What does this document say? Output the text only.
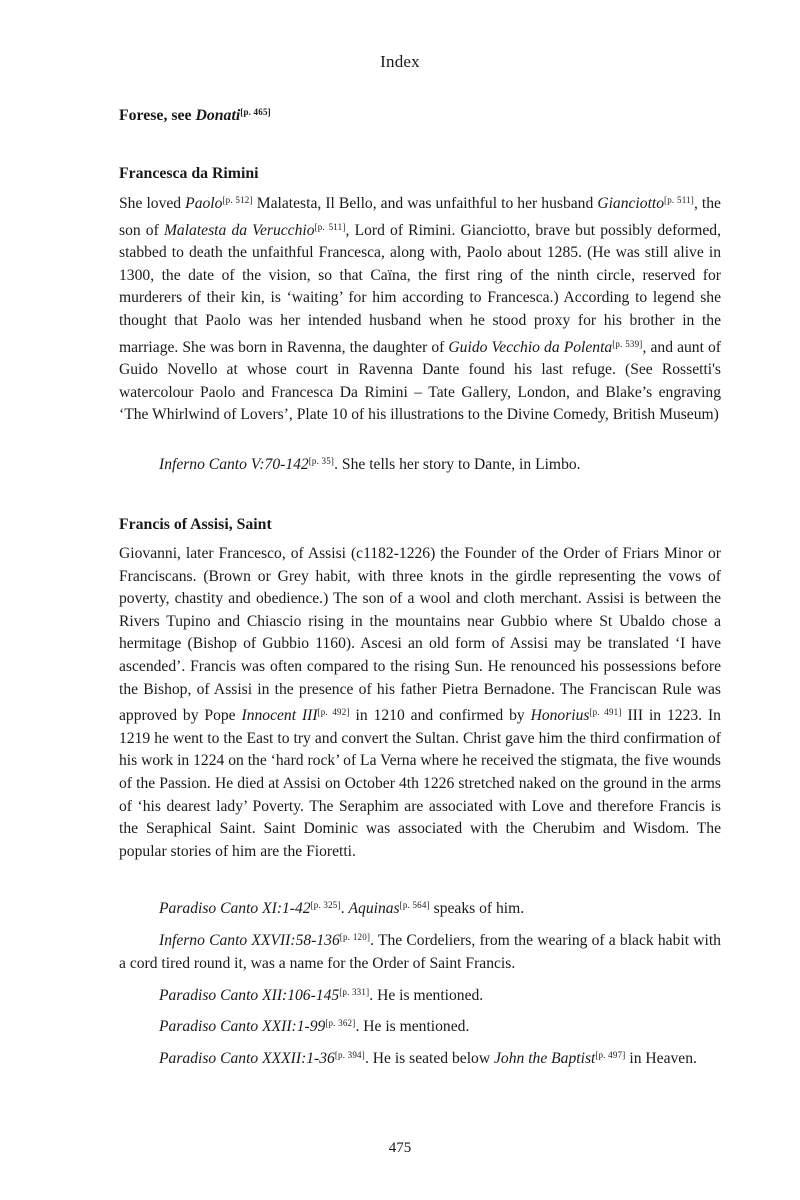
Index
Forese, see Donati[p. 465]
Francesca da Rimini

She loved Paolo[p. 512] Malatesta, Il Bello, and was unfaithful to her husband Gianciotto[p. 511], the son of Malatesta da Verucchio[p. 511], Lord of Rimini. Gianciotto, brave but possibly deformed, stabbed to death the unfaithful Francesca, along with, Paolo about 1285. (He was still alive in 1300, the date of the vision, so that Caïna, the first ring of the ninth circle, reserved for murderers of their kin, is ‘waiting’ for him according to Francesca.) According to legend she thought that Paolo was her intended husband when he stood proxy for his brother in the marriage. She was born in Ravenna, the daughter of Guido Vecchio da Polenta[p. 539], and aunt of Guido Novello at whose court in Ravenna Dante found his last refuge. (See Rossetti's watercolour Paolo and Francesca Da Rimini – Tate Gallery, London, and Blake’s engraving ‘The Whirlwind of Lovers’, Plate 10 of his illustrations to the Divine Comedy, British Museum)

Inferno Canto V:70-142[p. 35]. She tells her story to Dante, in Limbo.

Francis of Assisi, Saint

Giovanni, later Francesco, of Assisi (c1182-1226) the Founder of the Order of Friars Minor or Franciscans. (Brown or Grey habit, with three knots in the girdle representing the vows of poverty, chastity and obedience.) The son of a wool and cloth merchant. Assisi is between the Rivers Tupino and Chiascio rising in the mountains near Gubbio where St Ubaldo chose a hermitage (Bishop of Gubbio 1160). Ascesi an old form of Assisi may be translated ‘I have ascended’. Francis was often compared to the rising Sun. He renounced his possessions before the Bishop, of Assisi in the presence of his father Pietra Bernadone. The Franciscan Rule was approved by Pope Innocent III[p. 492] in 1210 and confirmed by Honorius[p. 491] III in 1223. In 1219 he went to the East to try and convert the Sultan. Christ gave him the third confirmation of his work in 1224 on the ‘hard rock’ of La Verna where he received the stigmata, the five wounds of the Passion. He died at Assisi on October 4th 1226 stretched naked on the ground in the arms of ‘his dearest lady’ Poverty. The Seraphim are associated with Love and therefore Francis is the Seraphical Saint. Saint Dominic was associated with the Cherubim and Wisdom. The popular stories of him are the Fioretti.

Paradiso Canto XI:1-42[p. 325]. Aquinas[p. 564] speaks of him.

Inferno Canto XXVII:58-136[p. 120]. The Cordeliers, from the wearing of a black habit with a cord tired round it, was a name for the Order of Saint Francis.

Paradiso Canto XII:106-145[p. 331]. He is mentioned.

Paradiso Canto XXII:1-99[p. 362]. He is mentioned.

Paradiso Canto XXXII:1-36[p. 394]. He is seated below John the Baptist[p. 497] in Heaven.

475
